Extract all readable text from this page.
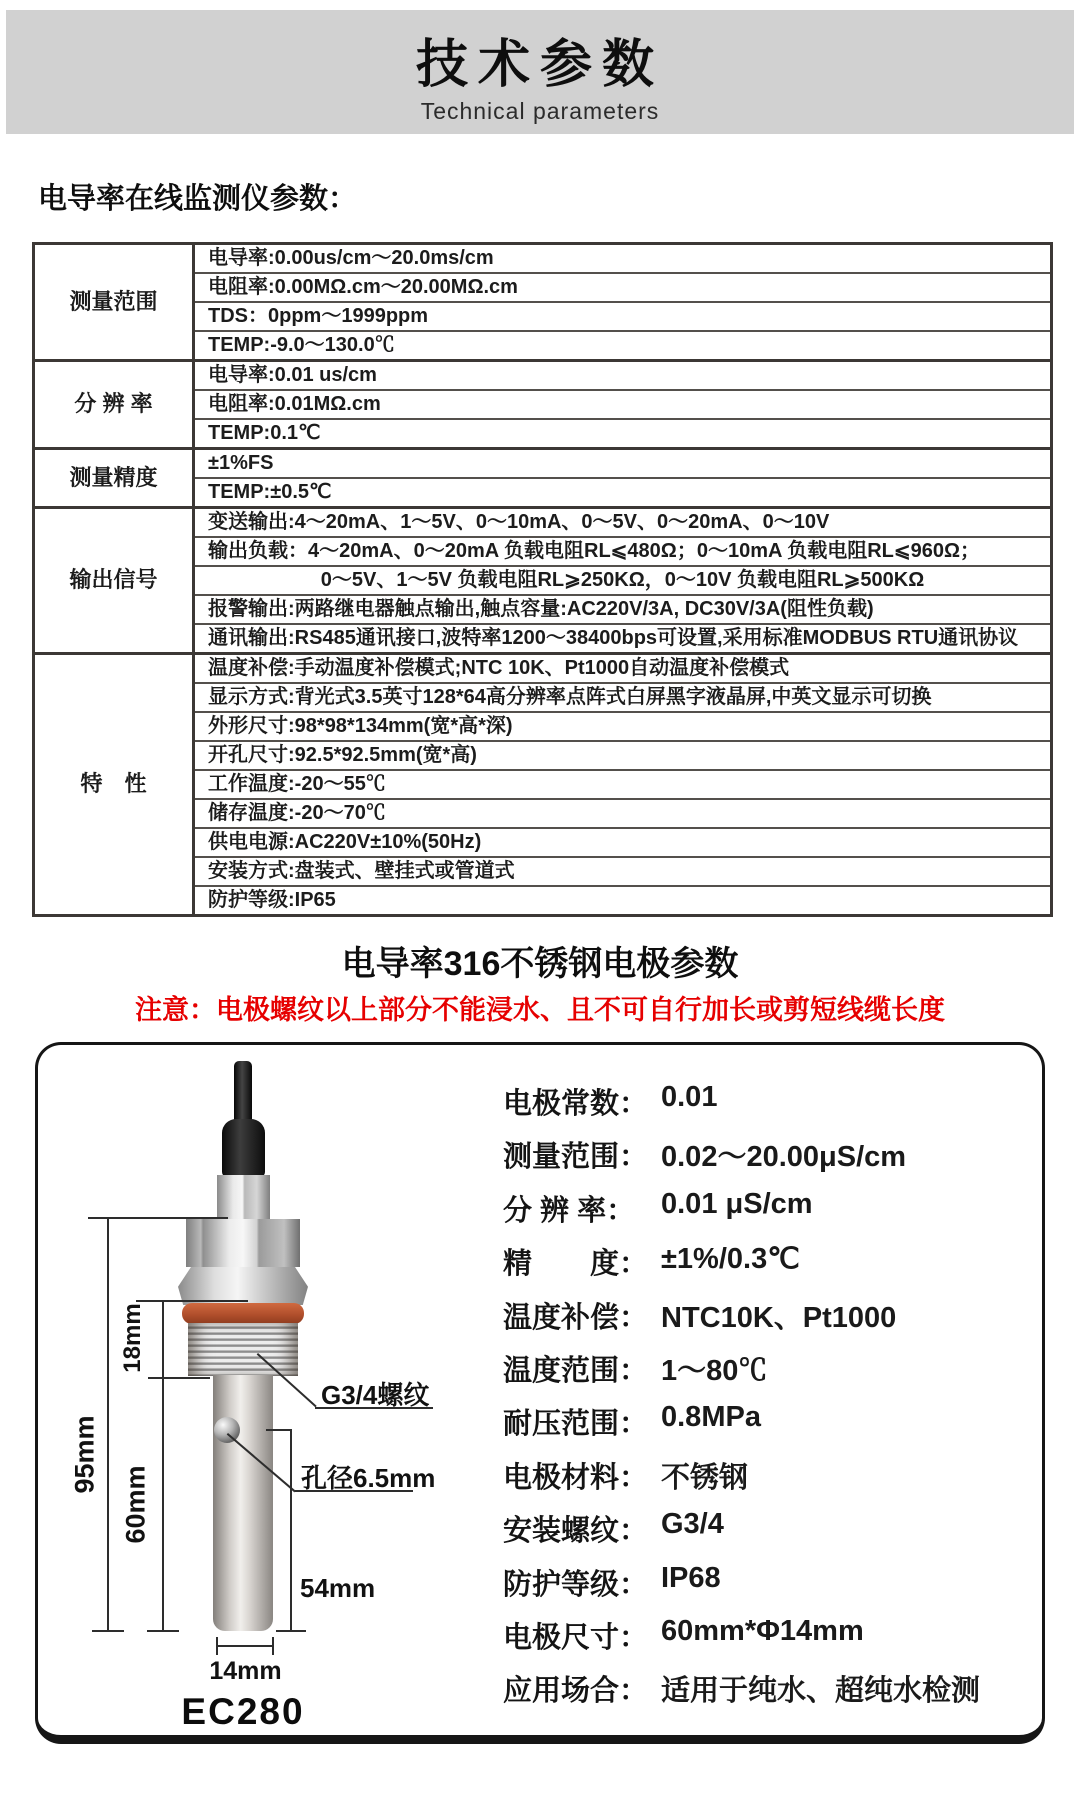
技术参数
Technical parameters
电导率在线监测仪参数：
测量范围	电导率:0.00us/cm～20.0ms/cm
	电阻率:0.00MΩ.cm～20.00MΩ.cm
	TDS：0ppm～1999ppm
	TEMP:-9.0～130.0℃
分 辨 率	电导率:0.01 us/cm
	电阻率:0.01MΩ.cm
	TEMP:0.1℃
测量精度	±1%FS
	TEMP:±0.5℃
输出信号	变送输出:4～20mA、1～5V、0～10mA、0～5V、0～20mA、0～10V
	输出负载：4～20mA、0～20mA 负载电阻RL⩽480Ω；0～10mA 负载电阻RL⩽960Ω；
	0～5V、1～5V 负载电阻RL⩾250KΩ，0～10V 负载电阻RL⩾500KΩ
	报警输出:两路继电器触点输出,触点容量:AC220V/3A, DC30V/3A(阻性负载)
	通讯输出:RS485通讯接口,波特率1200～38400bps可设置,采用标准MODBUS RTU通讯协议
特　性	温度补偿:手动温度补偿模式;NTC 10K、Pt1000自动温度补偿模式
	显示方式:背光式3.5英寸128*64高分辨率点阵式白屏黑字液晶屏,中英文显示可切换
	外形尺寸:98*98*134mm(宽*高*深)
	开孔尺寸:92.5*92.5mm(宽*高)
	工作温度:-20～55℃
	储存温度:-20～70℃
	供电电源:AC220V±10%(50Hz)
	安装方式:盘装式、壁挂式或管道式
	防护等级:IP65
电导率316不锈钢电极参数
注意：电极螺纹以上部分不能浸水、且不可自行加长或剪短线缆长度
18mm
95mm
60mm
54mm
14mm
G3/4螺纹
孔径6.5mm
EC280
电极常数： 0.01
测量范围： 0.02～20.00μS/cm
分 辨 率： 0.01 μS/cm
精　　度： ±1%/0.3℃
温度补偿： NTC10K、Pt1000
温度范围： 1～80℃
耐压范围： 0.8MPa
电极材料： 不锈钢
安装螺纹： G3/4
防护等级： IP68
电极尺寸： 60mm*Φ14mm
应用场合： 适用于纯水、超纯水检测
